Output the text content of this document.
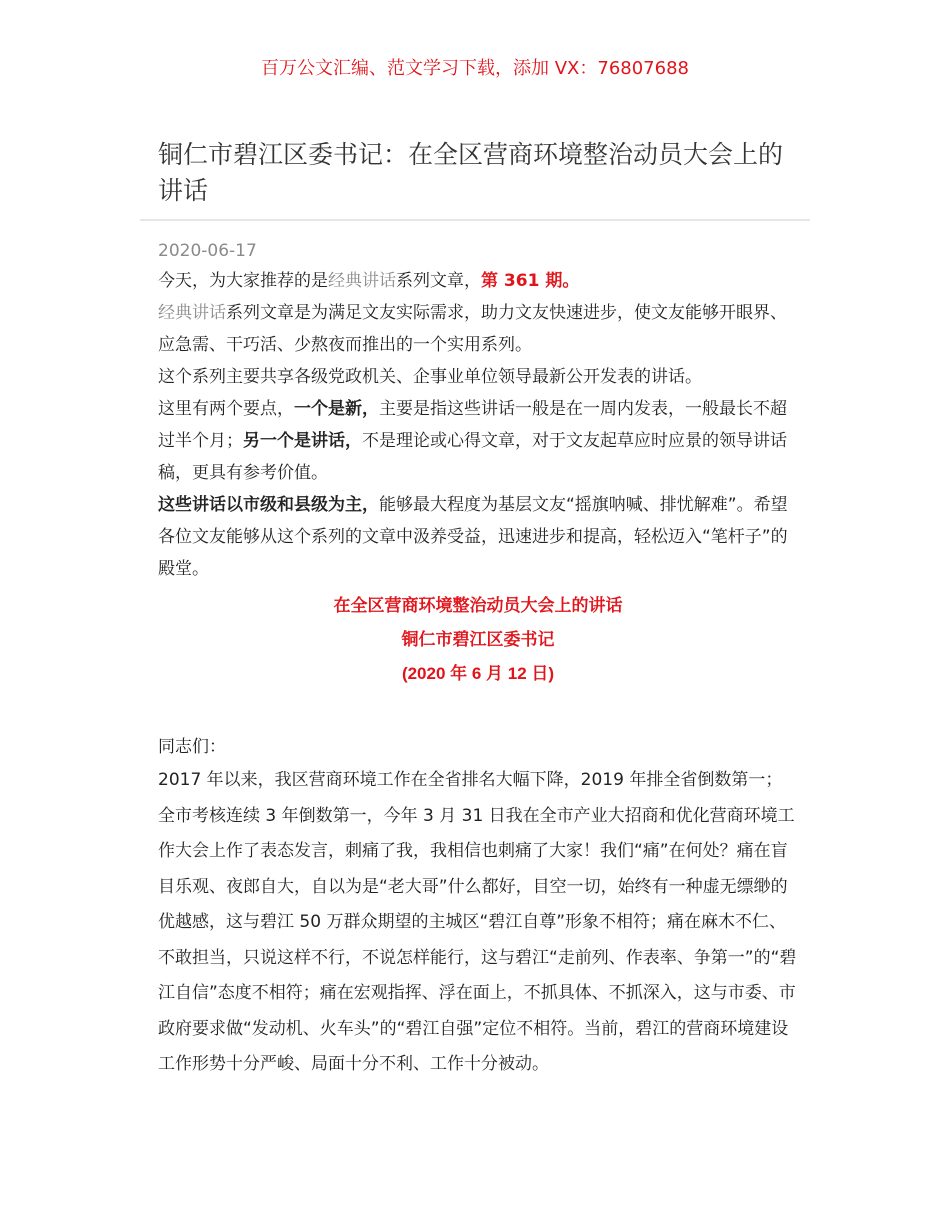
百万公文汇编、范文学习下载，添加 VX：76807688
铜仁市碧江区委书记：在全区营商环境整治动员大会上的讲话
2020-06-17

今天，为大家推荐的是经典讲话系列文章，第 361 期。

经典讲话系列文章是为满足文友实际需求，助力文友快速进步，使文友能够开眼界、应急需、干巧活、少熬夜而推出的一个实用系列。

这个系列主要共享各级党政机关、企事业单位领导最新公开发表的讲话。

这里有两个要点，一个是新，主要是指这些讲话一般是在一周内发表，一般最长不超过半个月；另一个是讲话，不是理论或心得文章，对于文友起草应时应景的领导讲话稿，更具有参考价值。

这些讲话以市级和县级为主，能够最大程度为基层文友“摇旗呐喊、排忧解难”。希望各位文友能够从这个系列的文章中汲养受益，迅速进步和提高，轻松迈入“笔杆子”的殿堂。

在全区营商环境整治动员大会上的讲话

铜仁市碧江区委书记

(2020 年 6 月 12 日)

同志们：

2017 年以来，我区营商环境工作在全省排名大幅下降，2019 年排全省倒数第一；全市考核连续 3 年倒数第一，今年 3 月 31 日我在全市产业大招商和优化营商环境工作大会上作了表态发言，刺痛了我，我相信也刺痛了大家！我们“痛”在何处？痛在盲目乐观、夜郎自大，自以为是“老大哥”什么都好，目空一切，始终有一种虚无缥缈的优越感，这与碧江 50 万群众期望的主城区“碧江自尊”形象不相符；痛在麻木不仁、不敢担当，只说这样不行，不说怎样能行，这与碧江“走前列、作表率、争第一”的“碧江自信”态度不相符；痛在宏观指挥、浮在面上，不抓具体、不抓深入，这与市委、市政府要求做“发动机、火车头”的“碧江自强”定位不相符。当前，碧江的营商环境建设工作形势十分严峻、局面十分不利、工作十分被动。
